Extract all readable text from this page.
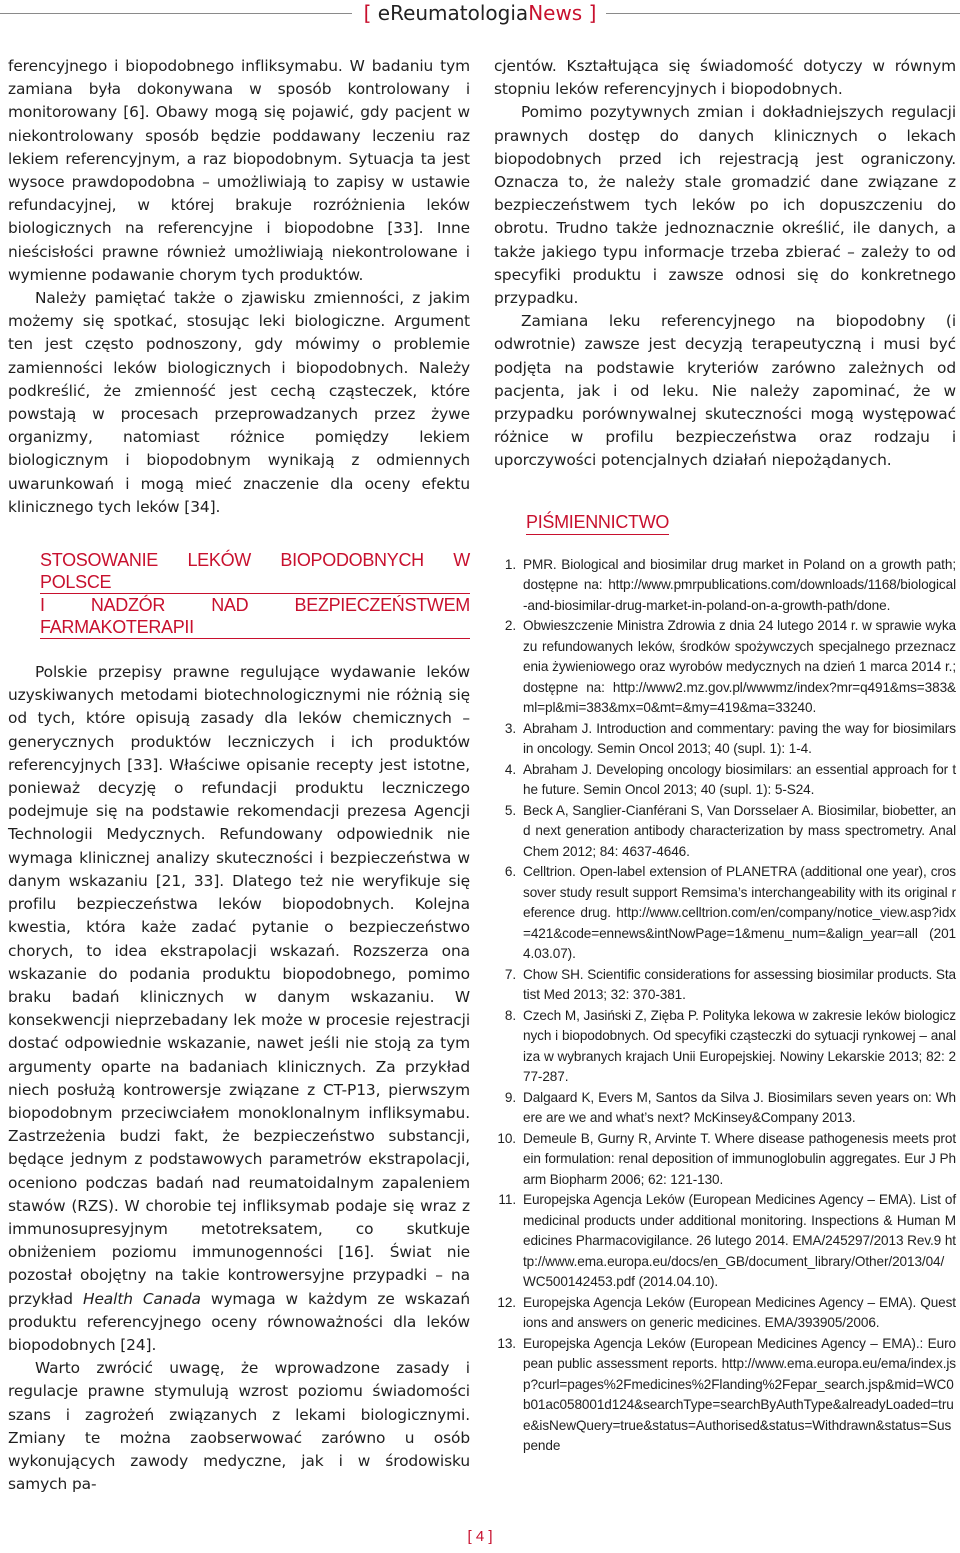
[ eReumatologiaNews ]

ferencyjnego i biopodobnego infliksymabu. W badaniu tym zamiana była dokonywana w sposób kontrolowany i monitorowany [6]. Obawy mogą się pojawić, gdy pacjent w niekontrolowany sposób będzie poddawany leczeniu raz lekiem referencyjnym, a raz biopodobnym. Sytuacja ta jest wysoce prawdopodobna – umożliwiają to zapisy w ustawie refundacyjnej, w której brakuje rozróżnienia leków biologicznych na referencyjne i biopodobne [33]. Inne nieścisłości prawne również umożliwiają niekontrolowane i wymienne podawanie chorym tych produktów.

Należy pamiętać także o zjawisku zmienności, z jakim możemy się spotkać, stosując leki biologiczne. Argument ten jest często podnoszony, gdy mówimy o problemie zamienności leków biologicznych i biopodobnych. Należy podkreślić, że zmienność jest cechą cząsteczek, które powstają w procesach przeprowadzanych przez żywe organizmy, natomiast różnice pomiędzy lekiem biologicznym i biopodobnym wynikają z odmiennych uwarunkowań i mogą mieć znaczenie dla oceny efektu klinicznego tych leków [34].

STOSOWANIE LEKÓW BIOPODOBNYCH W POLSCE
I NADZÓR NAD BEZPIECZEŃSTWEM FARMAKOTERAPII

Polskie przepisy prawne regulujące wydawanie leków uzyskiwanych metodami biotechnologicznymi nie różnią się od tych, które opisują zasady dla leków chemicznych – generycznych produktów leczniczych i ich produktów referencyjnych [33]. Właściwe opisanie recepty jest istotne, ponieważ decyzję o refundacji produktu leczniczego podejmuje się na podstawie rekomendacji prezesa Agencji Technologii Medycznych. Refundowany odpowiednik nie wymaga klinicznej analizy skuteczności i bezpieczeństwa w danym wskazaniu [21, 33]. Dlatego też nie weryfikuje się profilu bezpieczeństwa leków biopodobnych. Kolejna kwestia, która każe zadać pytanie o bezpieczeństwo chorych, to idea ekstrapolacji wskazań. Rozszerza ona wskazanie do podania produktu biopodobnego, pomimo braku badań klinicznych w danym wskazaniu. W konsekwencji nieprzebadany lek może w procesie rejestracji dostać odpowiednie wskazanie, nawet jeśli nie stoją za tym argumenty oparte na badaniach klinicznych. Za przykład niech posłużą kontrowersje związane z CT-P13, pierwszym biopodobnym przeciwciałem monoklonalnym infliksymabu. Zastrzeżenia budzi fakt, że bezpieczeństwo substancji, będące jednym z podstawowych parametrów ekstrapolacji, oceniono podczas badań nad reumatoidalnym zapaleniem stawów (RZS). W chorobie tej infliksymab podaje się wraz z immunosupresyjnym metotreksatem, co skutkuje obniżeniem poziomu immunogenności [16]. Świat nie pozostał obojętny na takie kontrowersyjne przypadki – na przykład Health Canada wymaga w każdym ze wskazań produktu referencyjnego oceny równoważności dla leków biopodobnych [24].

Warto zwrócić uwagę, że wprowadzone zasady i regulacje prawne stymulują wzrost poziomu świadomości szans i zagrożeń związanych z lekami biologicznymi. Zmiany te można zaobserwować zarówno u osób wykonujących zawody medyczne, jak i w środowisku samych pa-

cjentów. Kształtująca się świadomość dotyczy w równym stopniu leków referencyjnych i biopodobnych.

Pomimo pozytywnych zmian i dokładniejszych regulacji prawnych dostęp do danych klinicznych o lekach biopodobnych przed ich rejestracją jest ograniczony. Oznacza to, że należy stale gromadzić dane związane z bezpieczeństwem tych leków po ich dopuszczeniu do obrotu. Trudno także jednoznacznie określić, ile danych, a także jakiego typu informacje trzeba zbierać – zależy to od specyfiki produktu i zawsze odnosi się do konkretnego przypadku.

Zamiana leku referencyjnego na biopodobny (i odwrotnie) zawsze jest decyzją terapeutyczną i musi być podjęta na podstawie kryteriów zarówno zależnych od pacjenta, jak i od leku. Nie należy zapominać, że w przypadku porównywalnej skuteczności mogą występować różnice w profilu bezpieczeństwa oraz rodzaju i uporczywości potencjalnych działań niepożądanych.

PIŚMIENNICTWO
1. PMR. Biological and biosimilar drug market in Poland on a growth path; dostępne na: http://www.pmrpublications.com/downloads/1168/biological-and-biosimilar-drug-market-in-poland-on-a-growth-path/done.
2. Obwieszczenie Ministra Zdrowia z dnia 24 lutego 2014 r. w sprawie wykazu refundowanych leków, środków spożywczych specjalnego przeznaczenia żywieniowego oraz wyrobów medycznych na dzień 1 marca 2014 r.; dostępne na: http://www2.mz.gov.pl/wwwmz/index?mr=q491&ms=383&ml=pl&mi=383&mx=0&mt=&my=419&ma=33240.
3. Abraham J. Introduction and commentary: paving the way for biosimilars in oncology. Semin Oncol 2013; 40 (supl. 1): 1-4.
4. Abraham J. Developing oncology biosimilars: an essential approach for the future. Semin Oncol 2013; 40 (supl. 1): 5-S24.
5. Beck A, Sanglier-Cianférani S, Van Dorsselaer A. Biosimilar, biobetter, and next generation antibody characterization by mass spectrometry. Anal Chem 2012; 84: 4637-4646.
6. Celltrion. Open-label extension of PLANETRA (additional one year), crossover study result support Remsima’s interchangeability with its original reference drug. http://www.celltrion.com/en/company/notice_view.asp?idx=421&code=ennews&intNowPage=1&menu_num=&align_year=all (2014.03.07).
7. Chow SH. Scientific considerations for assessing biosimilar products. Statist Med 2013; 32: 370-381.
8. Czech M, Jasiński Z, Zięba P. Polityka lekowa w zakresie leków biologicznych i biopodobnych. Od specyfiki cząsteczki do sytuacji rynkowej – analiza w wybranych krajach Unii Europejskiej. Nowiny Lekarskie 2013; 82: 277-287.
9. Dalgaard K, Evers M, Santos da Silva J. Biosimilars seven years on: Where are we and what’s next? McKinsey&Company 2013.
10. Demeule B, Gurny R, Arvinte T. Where disease pathogenesis meets protein formulation: renal deposition of immunoglobulin aggregates. Eur J Pharm Biopharm 2006; 62: 121-130.
11. Europejska Agencja Leków (European Medicines Agency – EMA). List of medicinal products under additional monitoring. Inspections & Human Medicines Pharmacovigilance. 26 lutego 2014. EMA/245297/2013 Rev.9 http://www.ema.europa.eu/docs/en_GB/document_library/Other/2013/04/WC500142453.pdf (2014.04.10).
12. Europejska Agencja Leków (European Medicines Agency – EMA). Questions and answers on generic medicines. EMA/393905/2006.
13. Europejska Agencja Leków (European Medicines Agency – EMA).: European public assessment reports. http://www.ema.europa.eu/ema/index.jsp?curl=pages%2Fmedicines%2Flanding%2Fepar_search.jsp&mid=WC0b01ac058001d124&searchType=searchByAuthType&alreadyLoaded=true&isNewQuery=true&status=Authorised&status=Withdrawn&status=Suspende
[ 4 ]
